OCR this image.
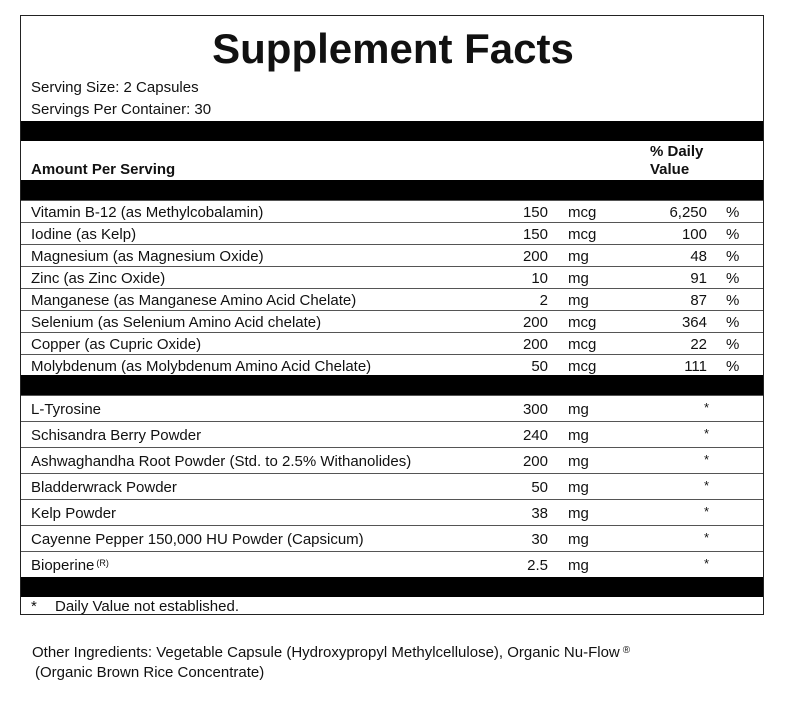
Supplement Facts
Serving Size: 2 Capsules
Servings Per Container: 30
Amount Per Serving
% Daily
Value
Vitamin B-12 (as Methylcobalamin)	150 mcg	6,250 %
Iodine (as Kelp)	150 mcg	100 %
Magnesium (as Magnesium Oxide)	200 mg	48 %
Zinc (as Zinc Oxide)	10 mg	91 %
Manganese (as Manganese Amino Acid Chelate)	2 mg	87 %
Selenium (as Selenium Amino Acid chelate)	200 mcg	364 %
Copper (as Cupric Oxide)	200 mcg	22 %
Molybdenum (as Molybdenum Amino Acid Chelate)	50 mcg	111 %
L-Tyrosine	300 mg	*
Schisandra Berry Powder	240 mg	*
Ashwaghandha Root Powder (Std. to 2.5% Withanolides)	200 mg	*
Bladderwrack Powder	50 mg	*
Kelp Powder	38 mg	*
Cayenne Pepper 150,000 HU Powder (Capsicum)	30 mg	*
Bioperine $^{(R)}$	2.5 mg	*
* Daily Value not established.
Other Ingredients: Vegetable Capsule (Hydroxypropyl Methylcellulose), Organic Nu-Flow ®
(Organic Brown Rice Concentrate)
